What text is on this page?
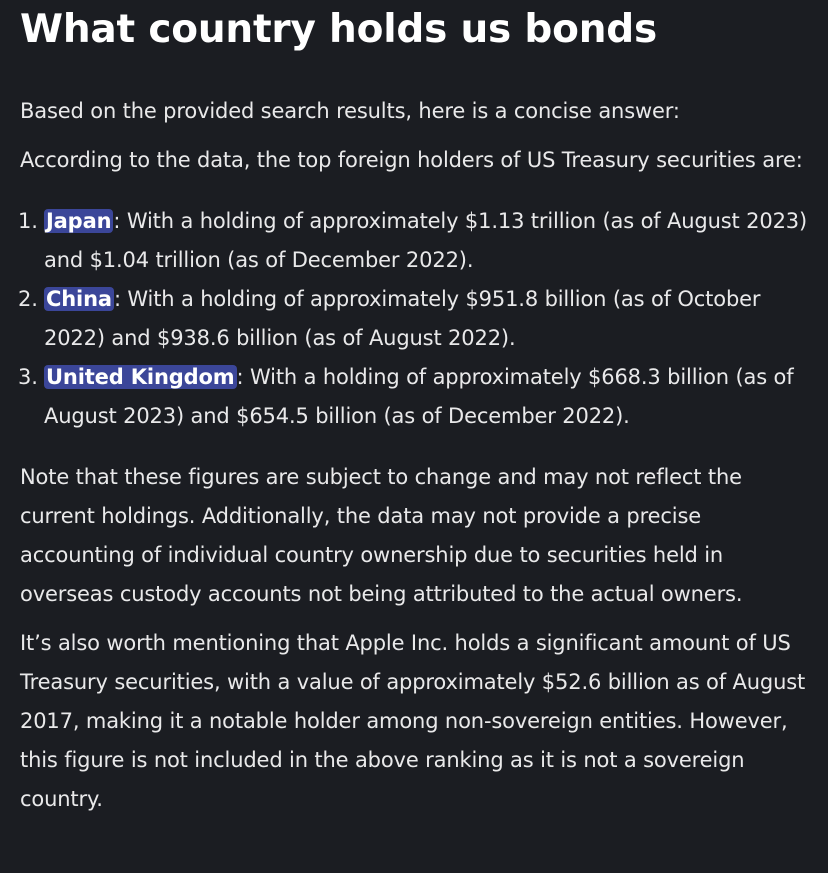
What country holds us bonds

Based on the provided search results, here is a concise answer:

According to the data, the top foreign holders of US Treasury securities are:

1. Japan: With a holding of approximately $1.13 trillion (as of August 2023) and $1.04 trillion (as of December 2022).
2. China: With a holding of approximately $951.8 billion (as of October 2022) and $938.6 billion (as of August 2022).
3. United Kingdom: With a holding of approximately $668.3 billion (as of August 2023) and $654.5 billion (as of December 2022).

Note that these figures are subject to change and may not reflect the current holdings. Additionally, the data may not provide a precise accounting of individual country ownership due to securities held in overseas custody accounts not being attributed to the actual owners.

It’s also worth mentioning that Apple Inc. holds a significant amount of US Treasury securities, with a value of approximately $52.6 billion as of August 2017, making it a notable holder among non-sovereign entities. However, this figure is not included in the above ranking as it is not a sovereign country.
